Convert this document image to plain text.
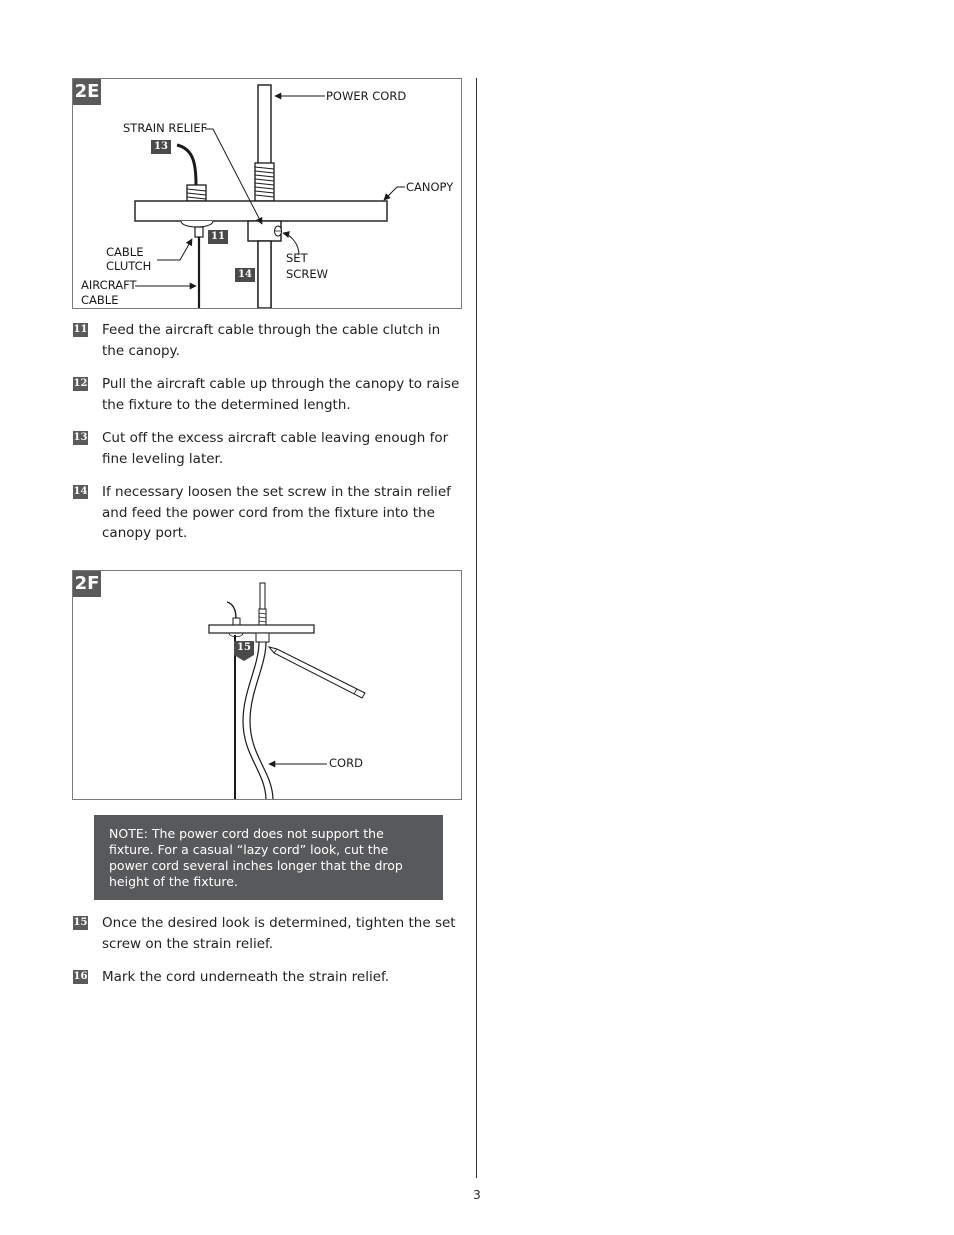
2E	POWER CORD
STRAIN RELIEF
CANOPY
CABLE
CLUTCH
SET
SCREW
AIRCRAFT
CABLE
13
11
14
11 Feed the aircraft cable through the cable clutch in the canopy.
12 Pull the aircraft cable up through the canopy to raise the fixture to the determined length.
13 Cut off the excess aircraft cable leaving enough for fine leveling later.
14 If necessary loosen the set screw in the strain relief and feed the power cord from the fixture into the canopy port.
2F
CORD
15
NOTE: The power cord does not support the fixture. For a casual “lazy cord” look, cut the power cord several inches longer that the drop height of the fixture.
15 Once the desired look is determined, tighten the set screw on the strain relief.
16 Mark the cord underneath the strain relief.
3
